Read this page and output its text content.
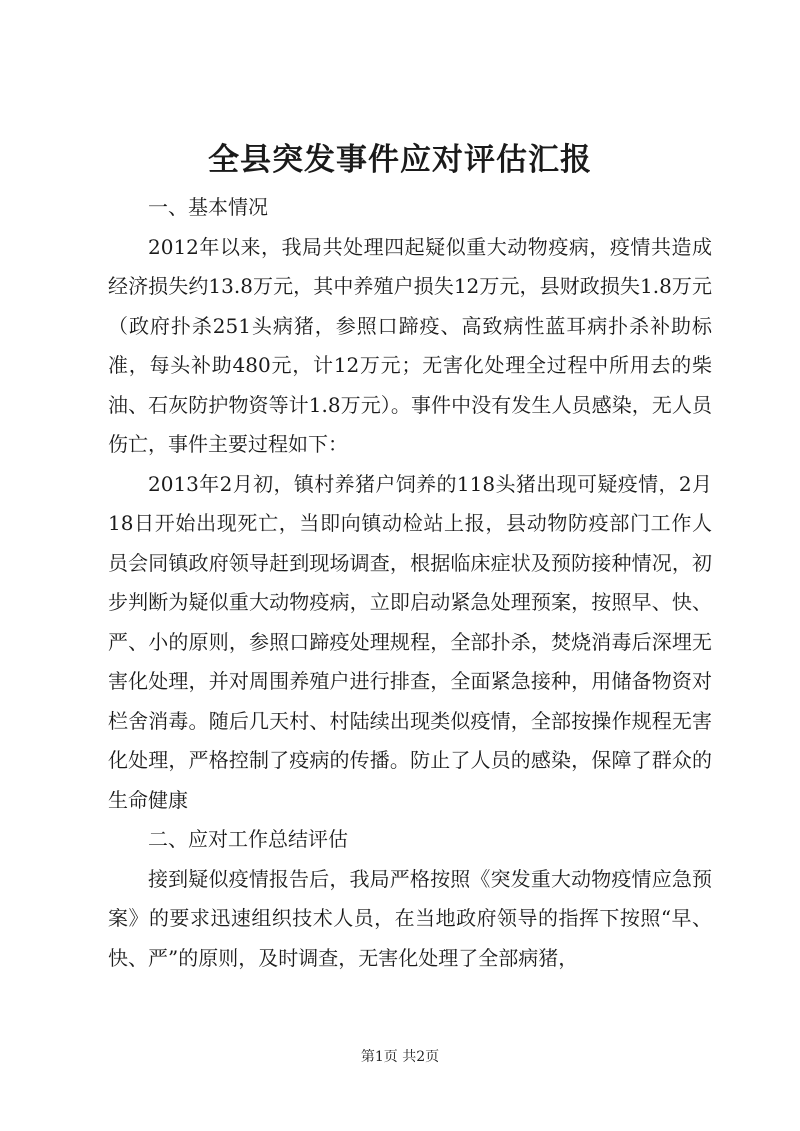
全县突发事件应对评估汇报

一、基本情况

2012年以来，我局共处理四起疑似重大动物疫病，疫情共造成经济损失约13.8万元，其中养殖户损失12万元，县财政损失1.8万元（政府扑杀251头病猪，参照口蹄疫、高致病性蓝耳病扑杀补助标准，每头补助480元，计12万元；无害化处理全过程中所用去的柴油、石灰防护物资等计1.8万元）。事件中没有发生人员感染，无人员伤亡，事件主要过程如下：

2013年2月初，镇村养猪户饲养的118头猪出现可疑疫情，2月18日开始出现死亡，当即向镇动检站上报，县动物防疫部门工作人员会同镇政府领导赶到现场调查，根据临床症状及预防接种情况，初步判断为疑似重大动物疫病，立即启动紧急处理预案，按照早、快、严、小的原则，参照口蹄疫处理规程，全部扑杀，焚烧消毒后深埋无害化处理，并对周围养殖户进行排查，全面紧急接种，用储备物资对栏舍消毒。随后几天村、村陆续出现类似疫情，全部按操作规程无害化处理，严格控制了疫病的传播。防止了人员的感染，保障了群众的生命健康

二、应对工作总结评估

接到疑似疫情报告后，我局严格按照《突发重大动物疫情应急预案》的要求迅速组织技术人员，在当地政府领导的指挥下按照“早、快、严”的原则，及时调查，无害化处理了全部病猪，

第1页 共2页
